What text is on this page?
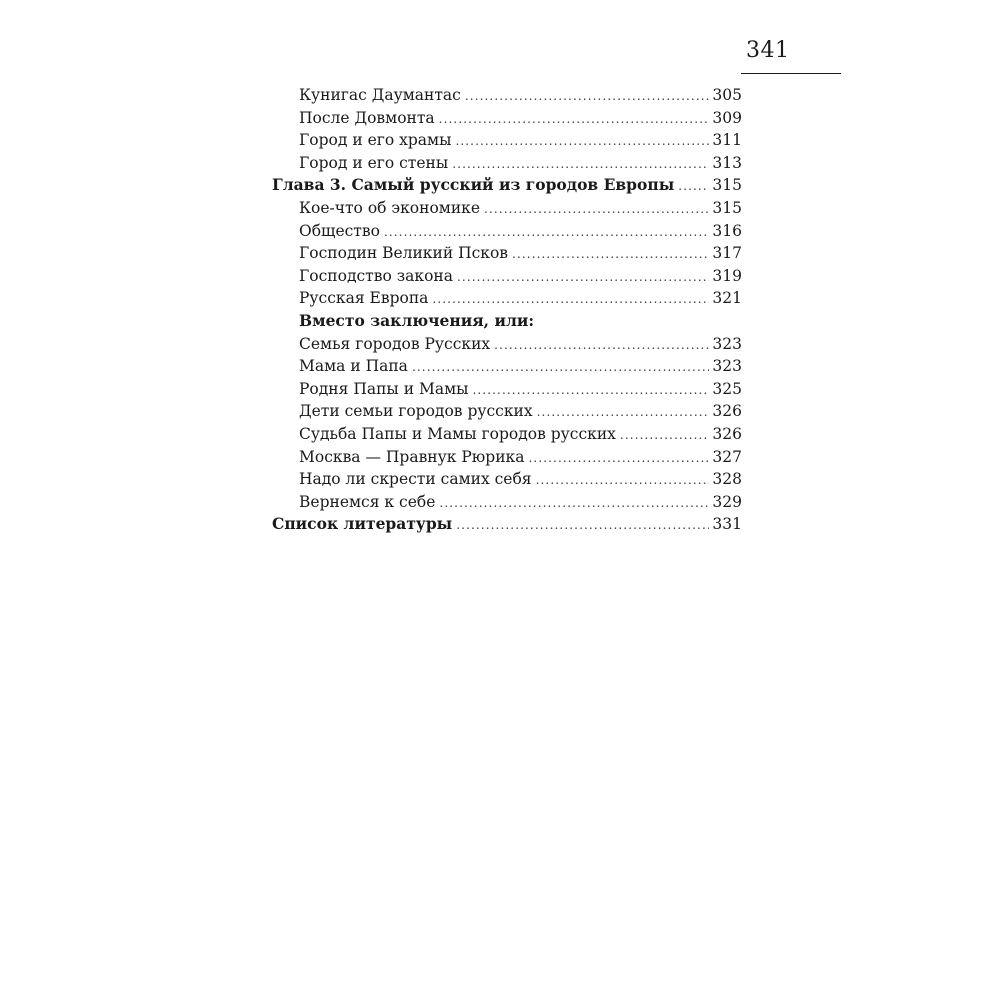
341
Кунигас Даумантас .....	305
После Довмонта .....	309
Город и его храмы .....	311
Город и его стены .....	313
Глава 3. Самый русский из городов Европы ..... 315
Кое-что об экономике .....	315
Общество .....	316
Господин Великий Псков .....	317
Господство закона .....	319
Русская Европа .....	321
Вместо заключения, или:
Семья городов Русских .....	323
Мама и Папа .....	323
Родня Папы и Мамы .....	325
Дети семьи городов русских .....	326
Судьба Папы и Мамы городов русских .....	326
Москва — Правнук Рюрика .....	327
Надо ли скрести самих себя .....	328
Вернемся к себе .....	329
Список литературы .....	331
